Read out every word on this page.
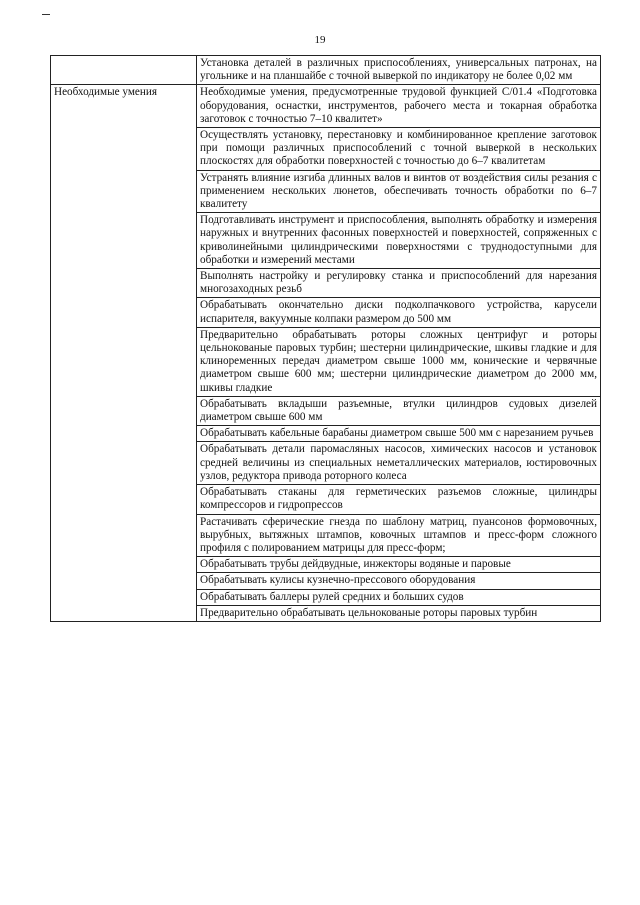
19
	Установка деталей в различных приспособлениях, универсальных патронах, на угольнике и на планшайбе с точной выверкой по индикатору не более 0,02 мм
Необходимые умения	Необходимые умения, предусмотренные трудовой функцией C/01.4 «Подготовка оборудования, оснастки, инструментов, рабочего места и токарная обработка заготовок с точностью 7–10 квалитет»
	Осуществлять установку, перестановку и комбинированное крепление заготовок при помощи различных приспособлений с точной выверкой в нескольких плоскостях для обработки поверхностей с точностью до 6–7 квалитетам
	Устранять влияние изгиба длинных валов и винтов от воздействия силы резания с применением нескольких люнетов, обеспечивать точность обработки по 6–7 квалитету
	Подготавливать инструмент и приспособления, выполнять обработку и измерения наружных и внутренних фасонных поверхностей и поверхностей, сопряженных с криволинейными цилиндрическими поверхностями с труднодоступными для обработки и измерений местами
	Выполнять настройку и регулировку станка и приспособлений для нарезания многозаходных резьб
	Обрабатывать окончательно диски подколпачкового устройства, карусели испарителя, вакуумные колпаки размером до 500 мм
	Предварительно обрабатывать роторы сложных центрифуг и роторы цельнокованые паровых турбин; шестерни цилиндрические, шкивы гладкие и для клиноременных передач диаметром свыше 1000 мм, конические и червячные диаметром свыше 600 мм; шестерни цилиндрические диаметром до 2000 мм, шкивы гладкие
	Обрабатывать вкладыши разъемные, втулки цилиндров судовых дизелей диаметром свыше 600 мм
	Обрабатывать кабельные барабаны диаметром свыше 500 мм с нарезанием ручьев
	Обрабатывать детали паромасляных насосов, химических насосов и установок средней величины из специальных неметаллических материалов, юстировочных узлов, редуктора привода роторного колеса
	Обрабатывать стаканы для герметических разъемов сложные, цилиндры компрессоров и гидропрессов
	Растачивать сферические гнезда по шаблону матриц, пуансонов формовочных, вырубных, вытяжных штампов, ковочных штампов и пресс-форм сложного профиля с полированием матрицы для пресс-форм;
	Обрабатывать трубы дейдвудные, инжекторы водяные и паровые
	Обрабатывать кулисы кузнечно-прессового оборудования
	Обрабатывать баллеры рулей средних и больших судов
	Предварительно обрабатывать цельнокованые роторы паровых турбин
